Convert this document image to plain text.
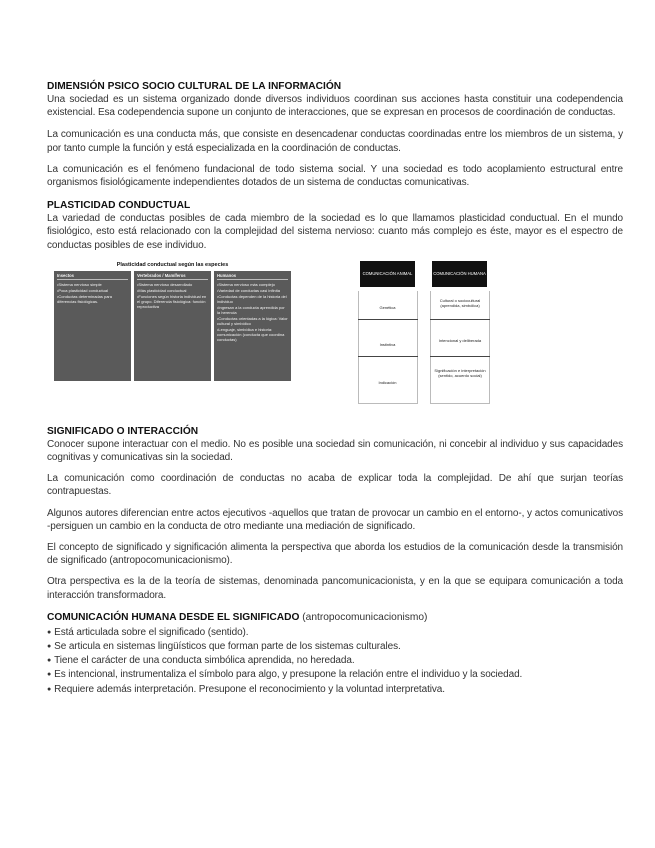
DIMENSIÓN PSICO SOCIO CULTURAL DE LA INFORMACIÓN

Una sociedad es un sistema organizado donde diversos individuos coordinan sus acciones hasta constituir una codependencia existencial. Esa codependencia supone un conjunto de interacciones, que se expresan en procesos de coordinación de conductas.

La comunicación es una conducta más, que consiste en desencadenar conductas coordinadas entre los miembros de un sistema, y por tanto cumple la función y está especializada en la coordinación de conductas.

La comunicación es el fenómeno fundacional de todo sistema social. Y una sociedad es todo acoplamiento estructural entre organismos fisiológicamente independientes dotados de un sistema de conductas comunicativas.

PLASTICIDAD CONDUCTUAL

La variedad de conductas posibles de cada miembro de la sociedad es lo que llamamos plasticidad conductual. En el mundo fisiológico, esto está relacionado con la complejidad del sistema nervioso: cuanto más complejo es éste, mayor es el espectro de conductas posibles de ese individuo.

Plasticidad conductual según las especies
Insectos
•Sistema nervioso simple
•Poca plasticidad conductual
•Conductas determinadas para diferencias fisiológicas.
Vertebrados / Mamíferos
•Sistema nervioso desarrollado
•Más plasticidad conductual
•Funciones según historia individual en el grupo. Diferencia fisiológica: función reproductiva
Humanos
•Sistema nervioso más complejo
•Variedad de conductas casi infinita
•Conductas dependen de la historia del individuo
•Ingresan a la conducta aprendida por la herencia
•Conductas orientadas a la lógica: Valor cultural y simbólico
•Lenguaje, simbólica e historia: comunicación (conducta que coordina conductas)
COMUNICACIÓN ANIMAL	COMUNICACIÓN HUMANA
Genética
Instintiva
Indicación
Cultural o sociocultural (aprendida, simbólica)
Intencional y deliberada
Significación e interpretación (sentido, acuerdo social)
SIGNIFICADO O INTERACCIÓN

Conocer supone interactuar con el medio. No es posible una sociedad sin comunicación, ni concebir al individuo y sus capacidades cognitivas y comunicativas sin la sociedad.

La comunicación como coordinación de conductas no acaba de explicar toda la complejidad. De ahí que surjan teorías contrapuestas.

Algunos autores diferencian entre actos ejecutivos -aquellos que tratan de provocar un cambio en el entorno-, y actos comunicativos -persiguen un cambio en la conducta de otro mediante una mediación de significado.

El concepto de significado y significación alimenta la perspectiva que aborda los estudios de la comunicación desde la transmisión de significado (antropocomunicacionismo).

Otra perspectiva es la de la teoría de sistemas, denominada pancomunicacionista, y en la que se equipara comunicación a toda interacción transformadora.

COMUNICACIÓN HUMANA DESDE EL SIGNIFICADO (antropocomunicacionismo)
● Está articulada sobre el significado (sentido).
● Se articula en sistemas lingüísticos que forman parte de los sistemas culturales.
● Tiene el carácter de una conducta simbólica aprendida, no heredada.
● Es intencional, instrumentaliza el símbolo para algo, y presupone la relación entre el individuo y la sociedad.
● Requiere además interpretación. Presupone el reconocimiento y la voluntad interpretativa.
